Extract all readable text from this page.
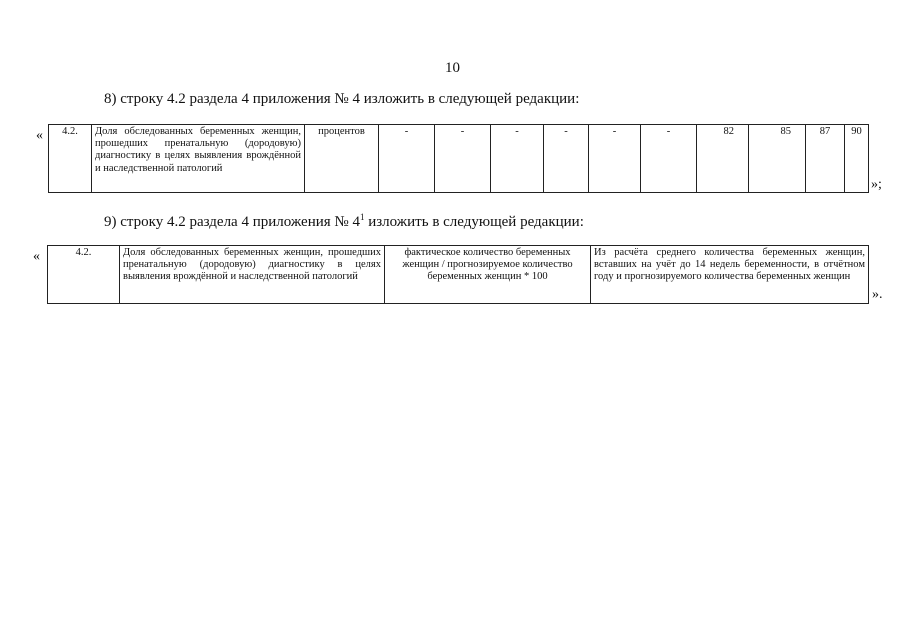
10
8) строку 4.2 раздела 4 приложения № 4 изложить в следующей редакции:
« 4.2.	Доля обследованных беременных женщин, прошедших пренатальную (дородовую) диагностику в целях выявления врождённой и наследственной патологий	процентов	-	-	-	-	-	-	82	85	87	90
»;
9) строку 4.2 раздела 4 приложения № $4^1$ изложить в следующей редакции:
«	4.2.	Доля обследованных беременных женщин, прошедших пренатальную (дородовую) диагностику в целях выявления врождённой и наследственной патологий	фактическое количество беременных женщин / прогнозируемое количество беременных женщин * 100	Из расчёта среднего количества беременных женщин, вставших на учёт до 14 недель беременности, в отчётном году и прогнозируемого количества беременных женщин
».
